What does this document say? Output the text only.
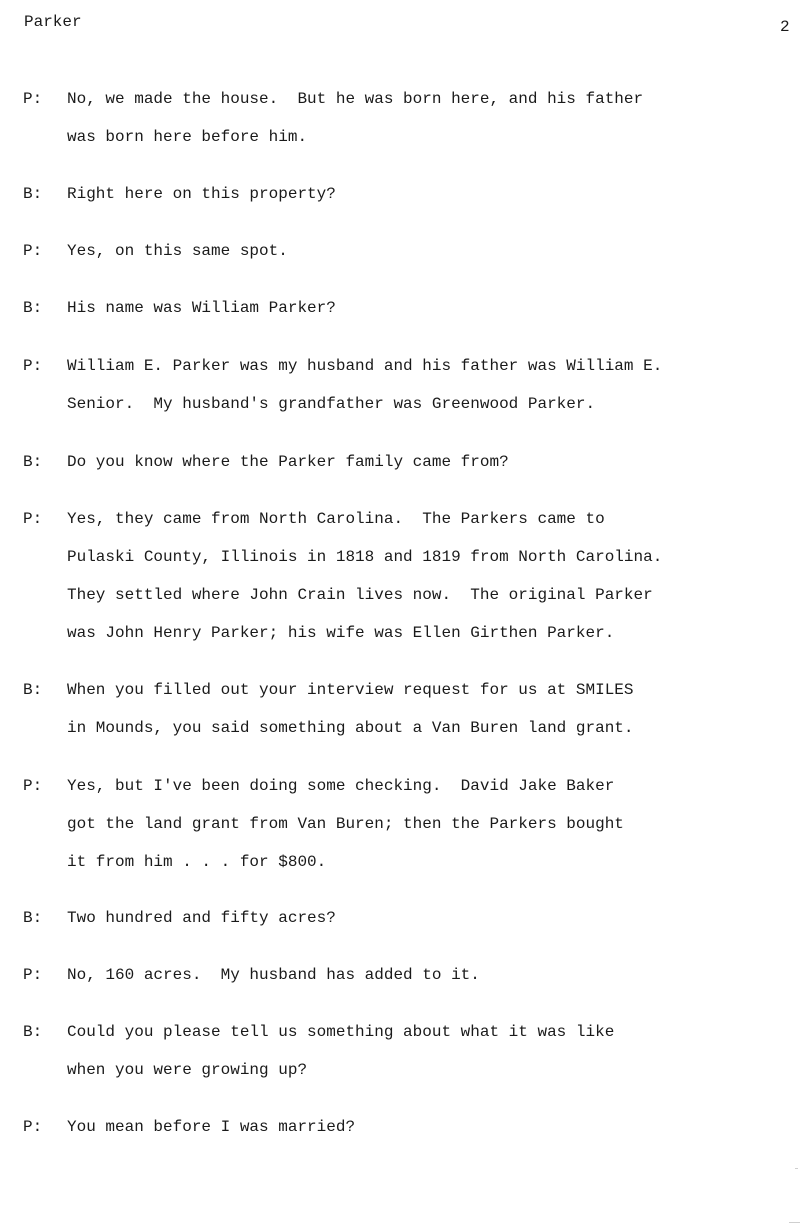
Parker	2
P: No, we made the house.  But he was born here, and his father
was born here before him.
B: Right here on this property?
P: Yes, on this same spot.
B: His name was William Parker?
P: William E. Parker was my husband and his father was William E.
Senior.  My husband's grandfather was Greenwood Parker.
B: Do you know where the Parker family came from?
P: Yes, they came from North Carolina.  The Parkers came to
Pulaski County, Illinois in 1818 and 1819 from North Carolina.
They settled where John Crain lives now.  The original Parker
was John Henry Parker; his wife was Ellen Girthen Parker.
B: When you filled out your interview request for us at SMILES
in Mounds, you said something about a Van Buren land grant.
P: Yes, but I've been doing some checking.  David Jake Baker
got the land grant from Van Buren; then the Parkers bought
it from him . . . for $800.
B: Two hundred and fifty acres?
P: No, 160 acres.  My husband has added to it.
B: Could you please tell us something about what it was like
when you were growing up?
P: You mean before I was married?
